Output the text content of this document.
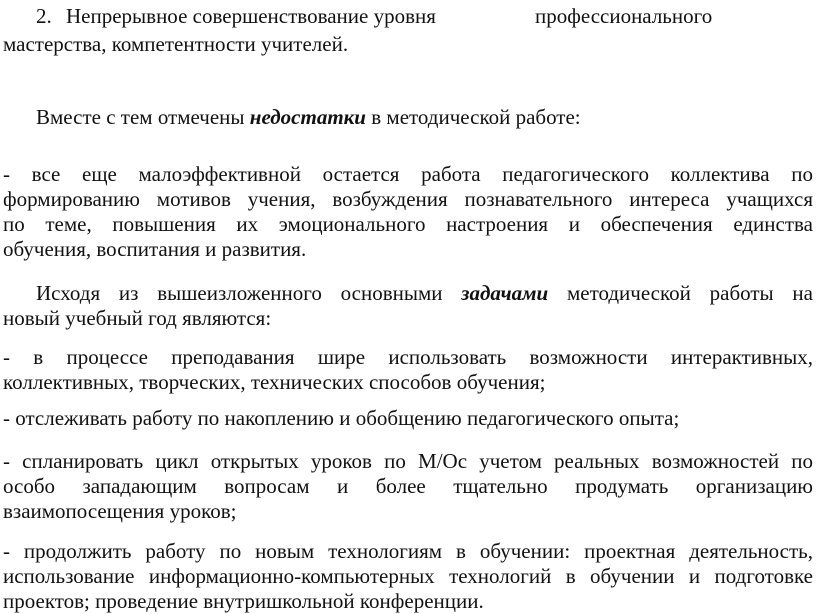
2. Непрерывное совершенствование уровня	профессионального
мастерства, компетентности учителей.
Вместе с тем отмечены недостатки в методической работе:
- все еще малоэффективной остается работа педагогического коллектива по
формированию мотивов учения, возбуждения познавательного интереса учащихся
по теме, повышения их эмоционального настроения и обеспечения единства
обучения, воспитания и развития.
Исходя из вышеизложенного основными задачами методической работы на
новый учебный год являются:
- в процессе преподавания шире использовать возможности интерактивных,
коллективных, творческих, технических способов обучения;
- отслеживать работу по накоплению и обобщению педагогического опыта;
- спланировать цикл открытых уроков по М/Ос учетом реальных возможностей по
особо западающим вопросам и более тщательно продумать организацию
взаимопосещения уроков;
- продолжить работу по новым технологиям в обучении: проектная деятельность,
использование информационно-компьютерных технологий в обучении и подготовке
проектов; проведение внутришкольной конференции.
